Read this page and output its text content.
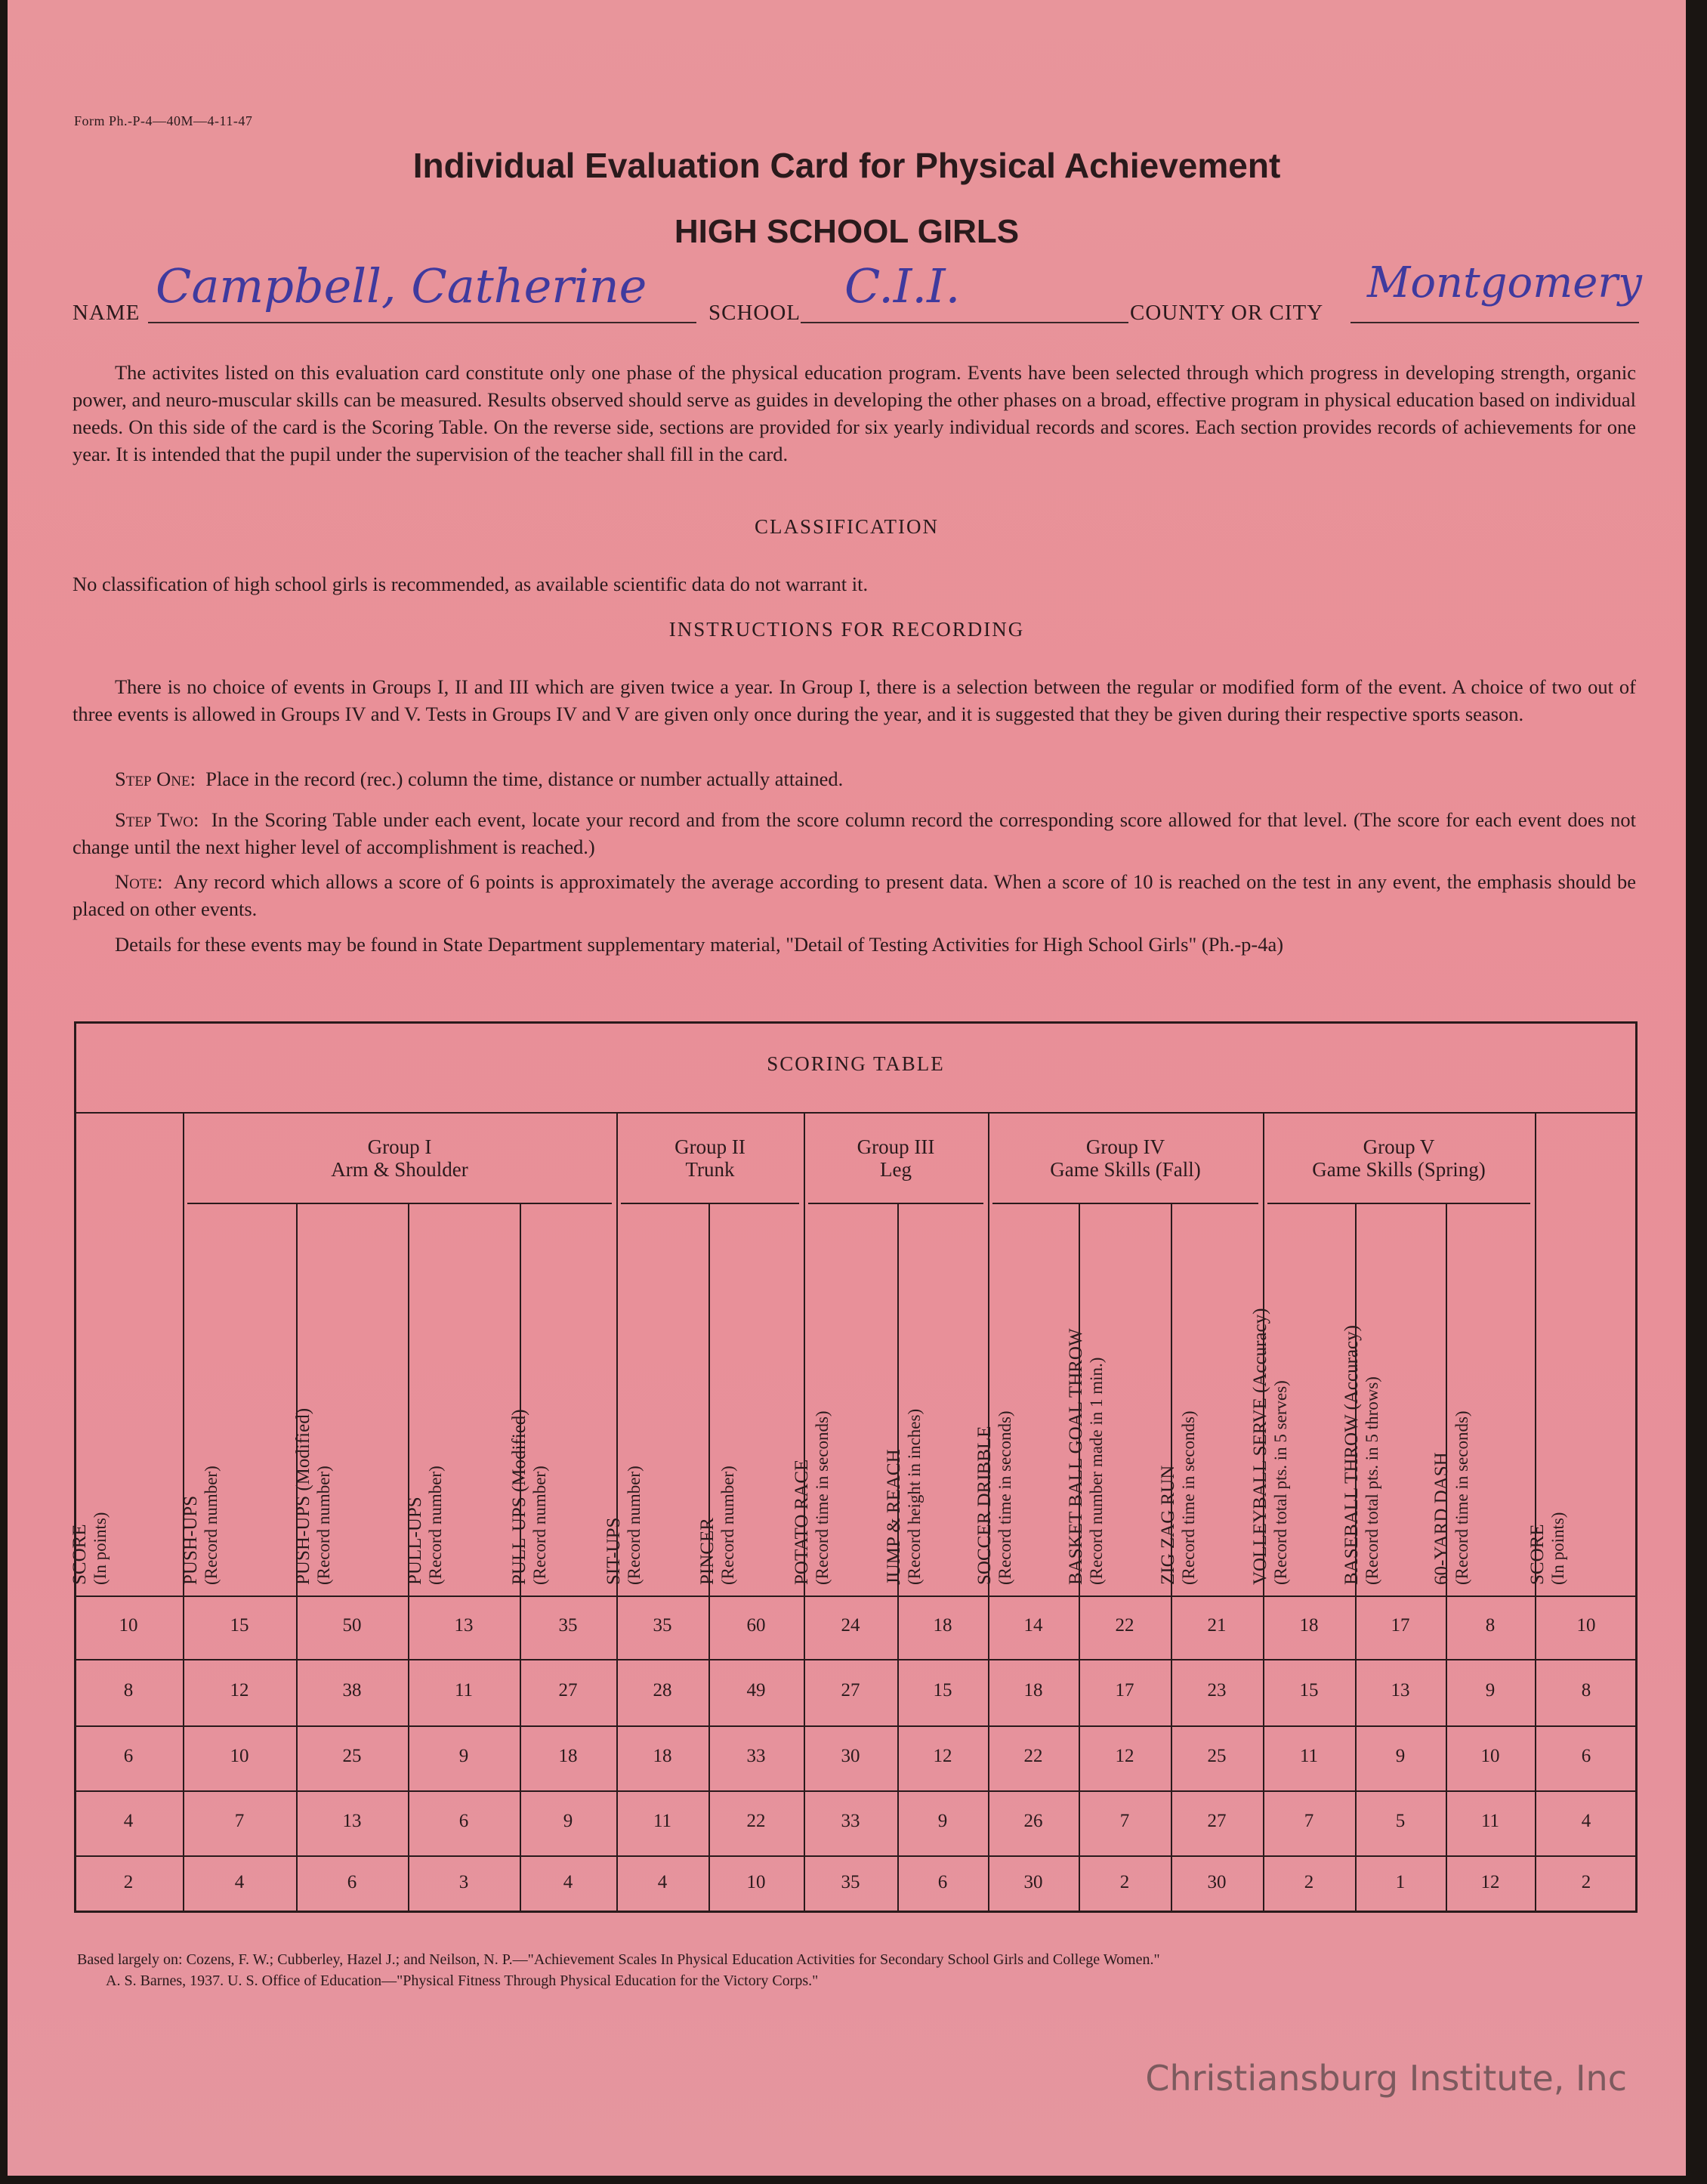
Form Ph.-P-4—40M—4-11-47
Individual Evaluation Card for Physical Achievement
HIGH SCHOOL GIRLS
NAME Campbell, Catherine	SCHOOL C.I.I.	COUNTY OR CITY
Montgomery
The activites listed on this evaluation card constitute only one phase of the physical education program. Events have been selected through which progress in developing strength, organic power, and neuro-muscular skills can be measured. Results observed should serve as guides in developing the other phases on a broad, effective program in physical education based on individual needs. On this side of the card is the Scoring Table. On the reverse side, sections are provided for six yearly individual records and scores. Each section provides records of achievements for one year. It is intended that the pupil under the supervision of the teacher shall fill in the card.
CLASSIFICATION
No classification of high school girls is recommended, as available scientific data do not warrant it.
INSTRUCTIONS FOR RECORDING
There is no choice of events in Groups I, II and III which are given twice a year. In Group I, there is a selection between the regular or modified form of the event. A choice of two out of three events is allowed in Groups IV and V. Tests in Groups IV and V are given only once during the year, and it is suggested that they be given during their respective sports season.
Step One: Place in the record (rec.) column the time, distance or number actually attained.
Step Two: In the Scoring Table under each event, locate your record and from the score column record the corresponding score allowed for that level. (The score for each event does not change until the next higher level of accomplishment is reached.)
Note: Any record which allows a score of 6 points is approximately the average according to present data. When a score of 10 is reached on the test in any event, the emphasis should be placed on other events.
Details for these events may be found in State Department supplementary material, "Detail of Testing Activities for High School Girls" (Ph.-p-4a)
SCORING TABLE
Group I
Arm & Shoulder
Group II
Trunk
Group III
Leg
Group IV
Game Skills (Fall)
Group V
Game Skills (Spring)
SCORE (In points)	PUSH-UPS (Record number)	PUSH-UPS (Modified) (Record number)	PULL-UPS (Record number)	PULL-UPS (Modified) (Record number)	SIT-UPS (Record number)	PINCER (Record number)	POTATO RACE (Record time in seconds)	JUMP & REACH (Record height in inches)	SOCCER DRIBBLE (Record time in seconds)	BASKET BALL GOAL THROW (Record number made in 1 min.)	ZIG ZAG RUN (Record time in seconds)	VOLLEYBALL SERVE (Accuracy) (Record total pts. in 5 serves)	BASEBALL THROW (Accuracy) (Record total pts. in 5 throws)	60-YARD DASH (Record time in seconds)	SCORE (In points)
10	15	50	13	35	35	60	24	18	14	22	21	18	17	8	10
8	12	38	11	27	28	49	27	15	18	17	23	15	13	9	8
6	10	25	9	18	18	33	30	12	22	12	25	11	9	10	6
4	7	13	6	9	11	22	33	9	26	7	27	7	5	11	4
2	4	6	3	4	4	10	35	6	30	2	30	2	1	12	2
Based largely on: Cozens, F. W.; Cubberley, Hazel J.; and Neilson, N. P.—"Achievement Scales In Physical Education Activities for Secondary School Girls and College Women."
A. S. Barnes, 1937. U. S. Office of Education—"Physical Fitness Through Physical Education for the Victory Corps."
Christiansburg Institute, Inc
